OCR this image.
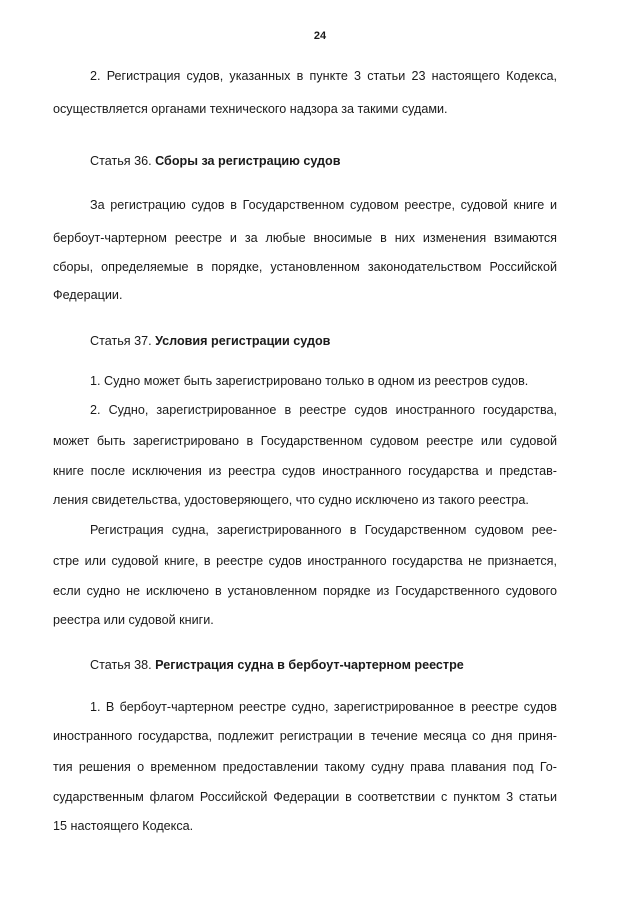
24
2. Регистрация судов, указанных в пункте 3 статьи 23 настоящего Кодекса,
осуществляется органами технического надзора за такими судами.
Статья 36. Сборы за регистрацию судов
За регистрацию судов в Государственном судовом реестре, судовой книге и
бербоут-чартерном реестре и за любые вносимые в них изменения взимаются
сборы, определяемые в порядке, установленном законодательством Российской
Федерации.
Статья 37. Условия регистрации судов
1. Судно может быть зарегистрировано только в одном из реестров судов.
2. Судно, зарегистрированное в реестре судов иностранного государства,
может быть зарегистрировано в Государственном судовом реестре или судовой
книге после исключения из реестра судов иностранного государства и представ-
ления свидетельства, удостоверяющего, что судно исключено из такого реестра.
Регистрация судна, зарегистрированного в Государственном судовом рее-
стре или судовой книге, в реестре судов иностранного государства не признается,
если судно не исключено в установленном порядке из Государственного судового
реестра или судовой книги.
Статья 38. Регистрация судна в бербоут-чартерном реестре
1. В бербоут-чартерном реестре судно, зарегистрированное в реестре судов
иностранного государства, подлежит регистрации в течение месяца со дня приня-
тия решения о временном предоставлении такому судну права плавания под Го-
сударственным флагом Российской Федерации в соответствии с пунктом 3 статьи
15 настоящего Кодекса.
